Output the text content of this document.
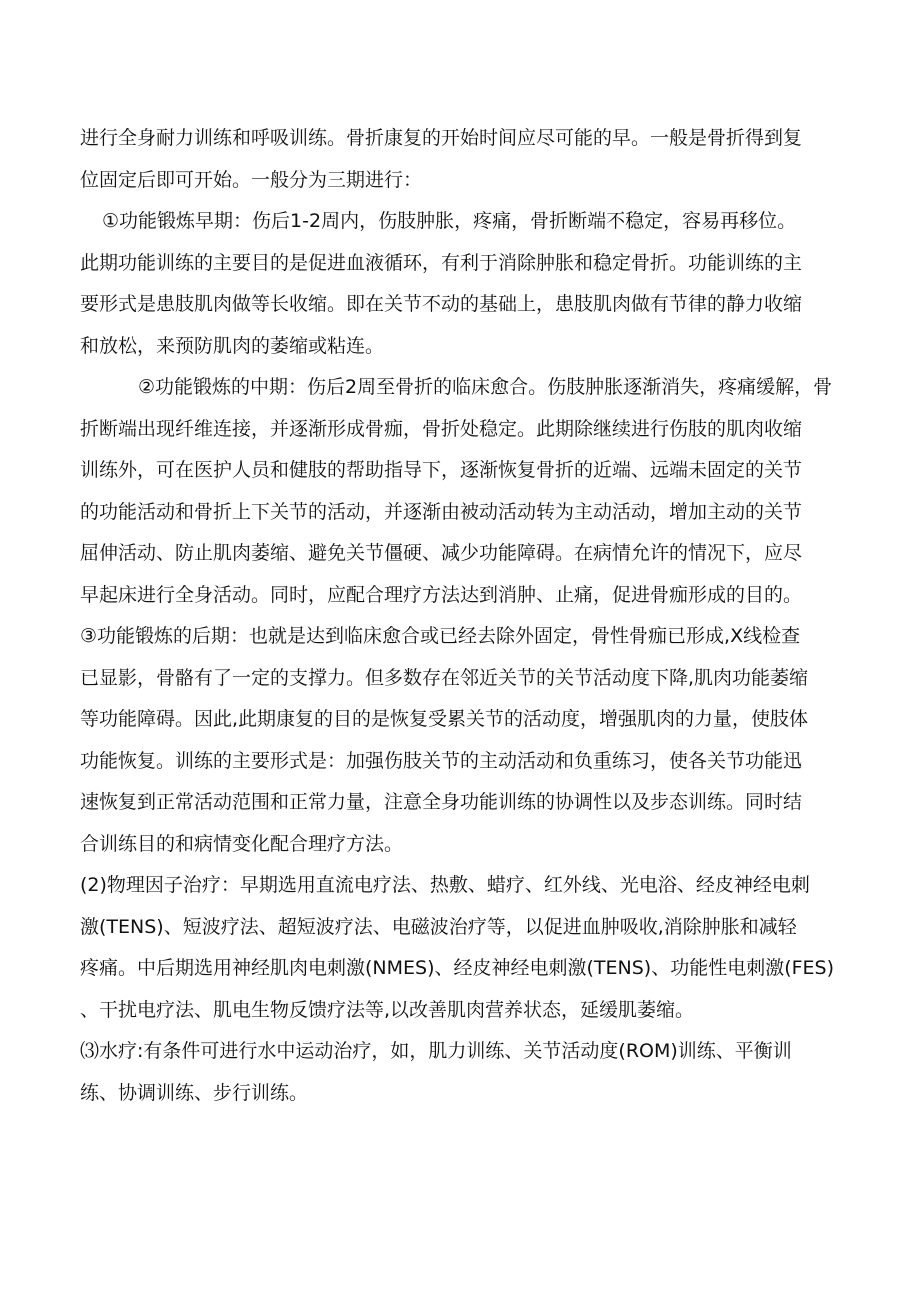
进行全身耐力训练和呼吸训练。骨折康复的开始时间应尽可能的早。一般是骨折得到复
位固定后即可开始。一般分为三期进行：
①功能锻炼早期：伤后1-2周内，伤肢肿胀，疼痛，骨折断端不稳定，容易再移位。
此期功能训练的主要目的是促进血液循环，有利于消除肿胀和稳定骨折。功能训练的主
要形式是患肢肌肉做等长收缩。即在关节不动的基础上，患肢肌肉做有节律的静力收缩
和放松，来预防肌肉的萎缩或粘连。
②功能锻炼的中期：伤后2周至骨折的临床愈合。伤肢肿胀逐渐消失，疼痛缓解，骨
折断端出现纤维连接，并逐渐形成骨痂，骨折处稳定。此期除继续进行伤肢的肌肉收缩
训练外，可在医护人员和健肢的帮助指导下，逐渐恢复骨折的近端、远端未固定的关节
的功能活动和骨折上下关节的活动，并逐渐由被动活动转为主动活动，增加主动的关节
屈伸活动、防止肌肉萎缩、避免关节僵硬、减少功能障碍。在病情允许的情况下，应尽
早起床进行全身活动。同时，应配合理疗方法达到消肿、止痛，促进骨痂形成的目的。
③功能锻炼的后期：也就是达到临床愈合或已经去除外固定，骨性骨痂已形成,X线检查
已显影，骨骼有了一定的支撑力。但多数存在邻近关节的关节活动度下降,肌肉功能萎缩
等功能障碍。因此,此期康复的目的是恢复受累关节的活动度，增强肌肉的力量，使肢体
功能恢复。训练的主要形式是：加强伤肢关节的主动活动和负重练习，使各关节功能迅
速恢复到正常活动范围和正常力量，注意全身功能训练的协调性以及步态训练。同时结
合训练目的和病情变化配合理疗方法。
(2)物理因子治疗：早期选用直流电疗法、热敷、蜡疗、红外线、光电浴、经皮神经电刺
激(TENS)、短波疗法、超短波疗法、电磁波治疗等，以促进血肿吸收,消除肿胀和减轻
疼痛。中后期选用神经肌肉电刺激(NMES)、经皮神经电刺激(TENS)、功能性电刺激(FES)
、干扰电疗法、肌电生物反馈疗法等,以改善肌肉营养状态，延缓肌萎缩。
⑶水疗:有条件可进行水中运动治疗，如，肌力训练、关节活动度(ROM)训练、平衡训
练、协调训练、步行训练。
